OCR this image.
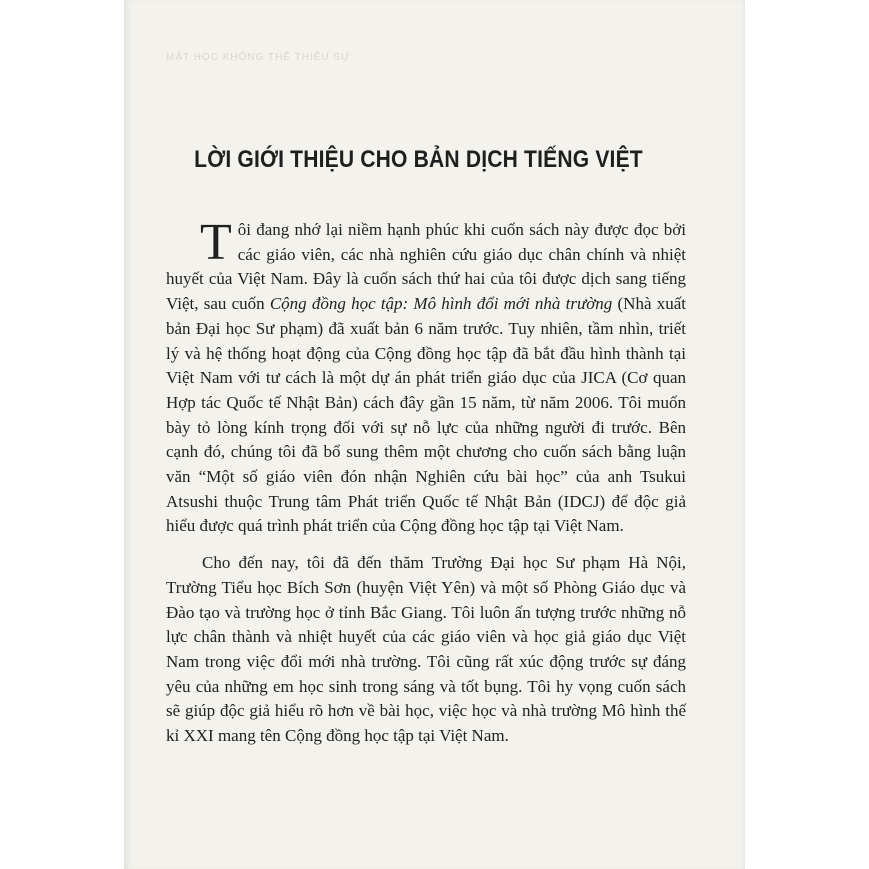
MẬT HỌC KHÔNG THỂ THIẾU SỰ
LỜI GIỚI THIỆU CHO BẢN DỊCH TIẾNG VIỆT

Tôi đang nhớ lại niềm hạnh phúc khi cuốn sách này được đọc bởi các giáo viên, các nhà nghiên cứu giáo dục chân chính và nhiệt huyết của Việt Nam. Đây là cuốn sách thứ hai của tôi được dịch sang tiếng Việt, sau cuốn Cộng đồng học tập: Mô hình đổi mới nhà trường (Nhà xuất bản Đại học Sư phạm) đã xuất bản 6 năm trước. Tuy nhiên, tầm nhìn, triết lý và hệ thống hoạt động của Cộng đồng học tập đã bắt đầu hình thành tại Việt Nam với tư cách là một dự án phát triển giáo dục của JICA (Cơ quan Hợp tác Quốc tế Nhật Bản) cách đây gần 15 năm, từ năm 2006. Tôi muốn bày tỏ lòng kính trọng đối với sự nỗ lực của những người đi trước. Bên cạnh đó, chúng tôi đã bổ sung thêm một chương cho cuốn sách bằng luận văn “Một số giáo viên đón nhận Nghiên cứu bài học” của anh Tsukui Atsushi thuộc Trung tâm Phát triển Quốc tế Nhật Bản (IDCJ) để độc giả hiểu được quá trình phát triển của Cộng đồng học tập tại Việt Nam.

Cho đến nay, tôi đã đến thăm Trường Đại học Sư phạm Hà Nội, Trường Tiểu học Bích Sơn (huyện Việt Yên) và một số Phòng Giáo dục và Đào tạo và trường học ở tỉnh Bắc Giang. Tôi luôn ấn tượng trước những nỗ lực chân thành và nhiệt huyết của các giáo viên và học giả giáo dục Việt Nam trong việc đổi mới nhà trường. Tôi cũng rất xúc động trước sự đáng yêu của những em học sinh trong sáng và tốt bụng. Tôi hy vọng cuốn sách sẽ giúp độc giả hiểu rõ hơn về bài học, việc học và nhà trường Mô hình thế kỉ XXI mang tên Cộng đồng học tập tại Việt Nam.
